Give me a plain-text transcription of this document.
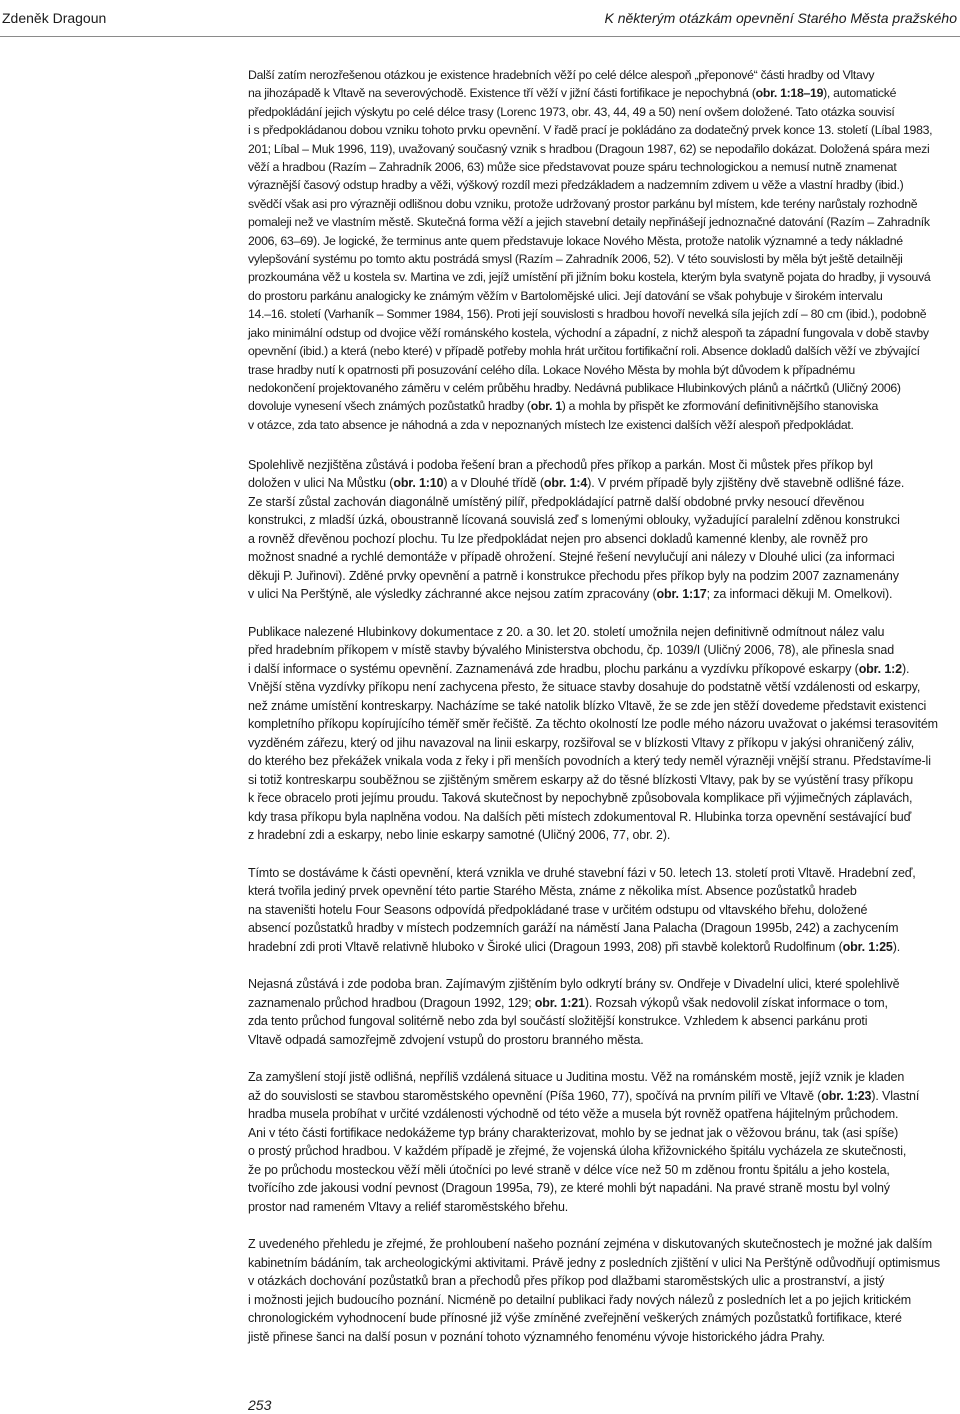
Zdeněk Dragoun	K některým otázkám opevnění Starého Města pražského
Další zatím nerozřešenou otázkou je existence hradebních věží po celé délce alespoň „přeponové“ části hradby od Vltavy
na jihozápadě k Vltavě na severovýchodě. Existence tří věží v jižní části fortifikace je nepochybná (obr. 1:18–19), automatické
předpokládání jejich výskytu po celé délce trasy (Lorenc 1973, obr. 43, 44, 49 a 50) není ovšem doložené. Tato otázka souvisí
i s předpokládanou dobou vzniku tohoto prvku opevnění. V řadě prací je pokládáno za dodatečný prvek konce 13. století (Líbal 1983,
201; Líbal – Muk 1996, 119), uvažovaný současný vznik s hradbou (Dragoun 1987, 62) se nepodařilo dokázat. Doložená spára mezi
věží a hradbou (Razím – Zahradník 2006, 63) může sice představovat pouze spáru technologickou a nemusí nutně znamenat
výraznější časový odstup hradby a věži, výškový rozdíl mezi předzákladem a nadzemním zdivem u věže a vlastní hradby (ibid.)
svědčí však asi pro výrazněji odlišnou dobu vzniku, protože udržovaný prostor parkánu byl místem, kde terény narůstaly rozhodně
pomaleji než ve vlastním městě. Skutečná forma věží a jejich stavební detaily nepřinášejí jednoznačné datování (Razím – Zahradník
2006, 63–69). Je logické, že terminus ante quem představuje lokace Nového Města, protože natolik významné a tedy nákladné
vylepšování systému po tomto aktu postrádá smysl (Razím – Zahradník 2006, 52). V této souvislosti by měla být ještě detailněji
prozkoumána věž u kostela sv. Martina ve zdi, jejíž umístění při jižním boku kostela, kterým byla svatyně pojata do hradby, ji vysouvá
do prostoru parkánu analogicky ke známým věžím v Bartolomějské ulici. Její datování se však pohybuje v širokém intervalu
14.–16. století (Varhaník – Sommer 1984, 156). Proti její souvislosti s hradbou hovoří nevelká síla jejích zdí – 80 cm (ibid.), podobně
jako minimální odstup od dvojice věží románského kostela, východní a západní, z nichž alespoň ta západní fungovala v době stavby
opevnění (ibid.) a která (nebo které) v případě potřeby mohla hrát určitou fortifikační roli. Absence dokladů dalších věží ve zbývající
trase hradby nutí k opatrnosti při posuzování celého díla. Lokace Nového Města by mohla být důvodem k případnému
nedokončení projektovaného záměru v celém průběhu hradby. Nedávná publikace Hlubinkových plánů a náčrtků (Uličný 2006)
dovoluje vynesení všech známých pozůstatků hradby (obr. 1) a mohla by přispět ke zformování definitivnějšího stanoviska
v otázce, zda tato absence je náhodná a zda v nepoznaných místech lze existenci dalších věží alespoň předpokládat.
Spolehlivě nezjištěna zůstává i podoba řešení bran a přechodů přes příkop a parkán. Most či můstek přes příkop byl
doložen v ulici Na Můstku (obr. 1:10) a v Dlouhé třídě (obr. 1:4). V prvém případě byly zjištěny dvě stavebně odlišné fáze.
Ze starší zůstal zachován diagonálně umístěný pilíř, předpokládající patrně další obdobné prvky nesoucí dřevěnou
konstrukci, z mladší úzká, oboustranně lícovaná souvislá zeď s lomenými oblouky, vyžadující paralelní zděnou konstrukci
a rovněž dřevěnou pochozí plochu. Tu lze předpokládat nejen pro absenci dokladů kamenné klenby, ale rovněž pro
možnost snadné a rychlé demontáže v případě ohrožení. Stejné řešení nevylučují ani nálezy v Dlouhé ulici (za informaci
děkuji P. Juřinovi). Zděné prvky opevnění a patrně i konstrukce přechodu přes příkop byly na podzim 2007 zaznamenány
v ulici Na Perštýně, ale výsledky záchranné akce nejsou zatím zpracovány (obr. 1:17; za informaci děkuji M. Omelkovi).
Publikace nalezené Hlubinkovy dokumentace z 20. a 30. let 20. století umožnila nejen definitivně odmítnout nález valu
před hradebním příkopem v místě stavby bývalého Ministerstva obchodu, čp. 1039/I (Uličný 2006, 78), ale přinesla snad
i další informace o systému opevnění. Zaznamenává zde hradbu, plochu parkánu a vyzdívku příkopové eskarpy (obr. 1:2).
Vnější stěna vyzdívky příkopu není zachycena přesto, že situace stavby dosahuje do podstatně větší vzdálenosti od eskarpy,
než známe umístění kontreskarpy. Nacházíme se také natolik blízko Vltavě, že se zde jen stěží dovedeme představit existenci
kompletního příkopu kopírujícího téměř směr řečiště. Za těchto okolností lze podle mého názoru uvažovat o jakémsi terasovitém
vyzděném zářezu, který od jihu navazoval na linii eskarpy, rozšiřoval se v blízkosti Vltavy z příkopu v jakýsi ohraničený záliv,
do kterého bez překážek vnikala voda z řeky i při menších povodních a který tedy neměl výrazněji vnější stranu. Představíme-li
si totiž kontreskarpu souběžnou se zjištěným směrem eskarpy až do těsné blízkosti Vltavy, pak by se vyústění trasy příkopu
k řece obracelo proti jejímu proudu. Taková skutečnost by nepochybně způsobovala komplikace při výjimečných záplavách,
kdy trasa příkopu byla naplněna vodou. Na dalších pěti místech zdokumentoval R. Hlubinka torza opevnění sestávající buď
z hradební zdi a eskarpy, nebo linie eskarpy samotné (Uličný 2006, 77, obr. 2).
Tímto se dostáváme k části opevnění, která vznikla ve druhé stavební fázi v 50. letech 13. století proti Vltavě. Hradební zeď,
která tvořila jediný prvek opevnění této partie Starého Města, známe z několika míst. Absence pozůstatků hradeb
na staveništi hotelu Four Seasons odpovídá předpokládané trase v určitém odstupu od vltavského břehu, doložené
absencí pozůstatků hradby v místech podzemních garáží na náměstí Jana Palacha (Dragoun 1995b, 242) a zachycením
hradební zdi proti Vltavě relativně hluboko v Široké ulici (Dragoun 1993, 208) při stavbě kolektorů Rudolfinum (obr. 1:25).
Nejasná zůstává i zde podoba bran. Zajímavým zjištěním bylo odkrytí brány sv. Ondřeje v Divadelní ulici, které spolehlivě
zaznamenalo průchod hradbou (Dragoun 1992, 129; obr. 1:21). Rozsah výkopů však nedovolil získat informace o tom,
zda tento průchod fungoval solitérně nebo zda byl součástí složitější konstrukce. Vzhledem k absenci parkánu proti
Vltavě odpadá samozřejmě zdvojení vstupů do prostoru branného města.
Za zamyšlení stojí jistě odlišná, nepříliš vzdálená situace u Juditina mostu. Věž na románském mostě, jejíž vznik je kladen
až do souvislosti se stavbou staroměstského opevnění (Píša 1960, 77), spočívá na prvním pilíři ve Vltavě (obr. 1:23). Vlastní
hradba musela probíhat v určité vzdálenosti východně od této věže a musela být rovněž opatřena hájitelným průchodem.
Ani v této části fortifikace nedokážeme typ brány charakterizovat, mohlo by se jednat jak o věžovou bránu, tak (asi spíše)
o prostý průchod hradbou. V každém případě je zřejmé, že vojenská úloha křižovnického špitálu vycházela ze skutečnosti,
že po průchodu mosteckou věží měli útočníci po levé straně v délce více než 50 m zděnou frontu špitálu a jeho kostela,
tvořícího zde jakousi vodní pevnost (Dragoun 1995a, 79), ze které mohli být napadáni. Na pravé straně mostu byl volný
prostor nad rameném Vltavy a reliéf staroměstského břehu.
Z uvedeného přehledu je zřejmé, že prohloubení našeho poznání zejména v diskutovaných skutečnostech je možné jak dalším
kabinetním bádáním, tak archeologickými aktivitami. Právě jedny z posledních zjištění v ulici Na Perštýně odůvodňují optimismus
v otázkách dochování pozůstatků bran a přechodů přes příkop pod dlažbami staroměstských ulic a prostranství, a jistý
i možnosti jejich budoucího poznání. Nicméně po detailní publikaci řady nových nálezů z posledních let a po jejich kritickém
chronologickém vyhodnocení bude přínosné již výše zmíněné zveřejnění veškerých známých pozůstatků fortifikace, které
jistě přinese šanci na další posun v poznání tohoto významného fenoménu vývoje historického jádra Prahy.
253
